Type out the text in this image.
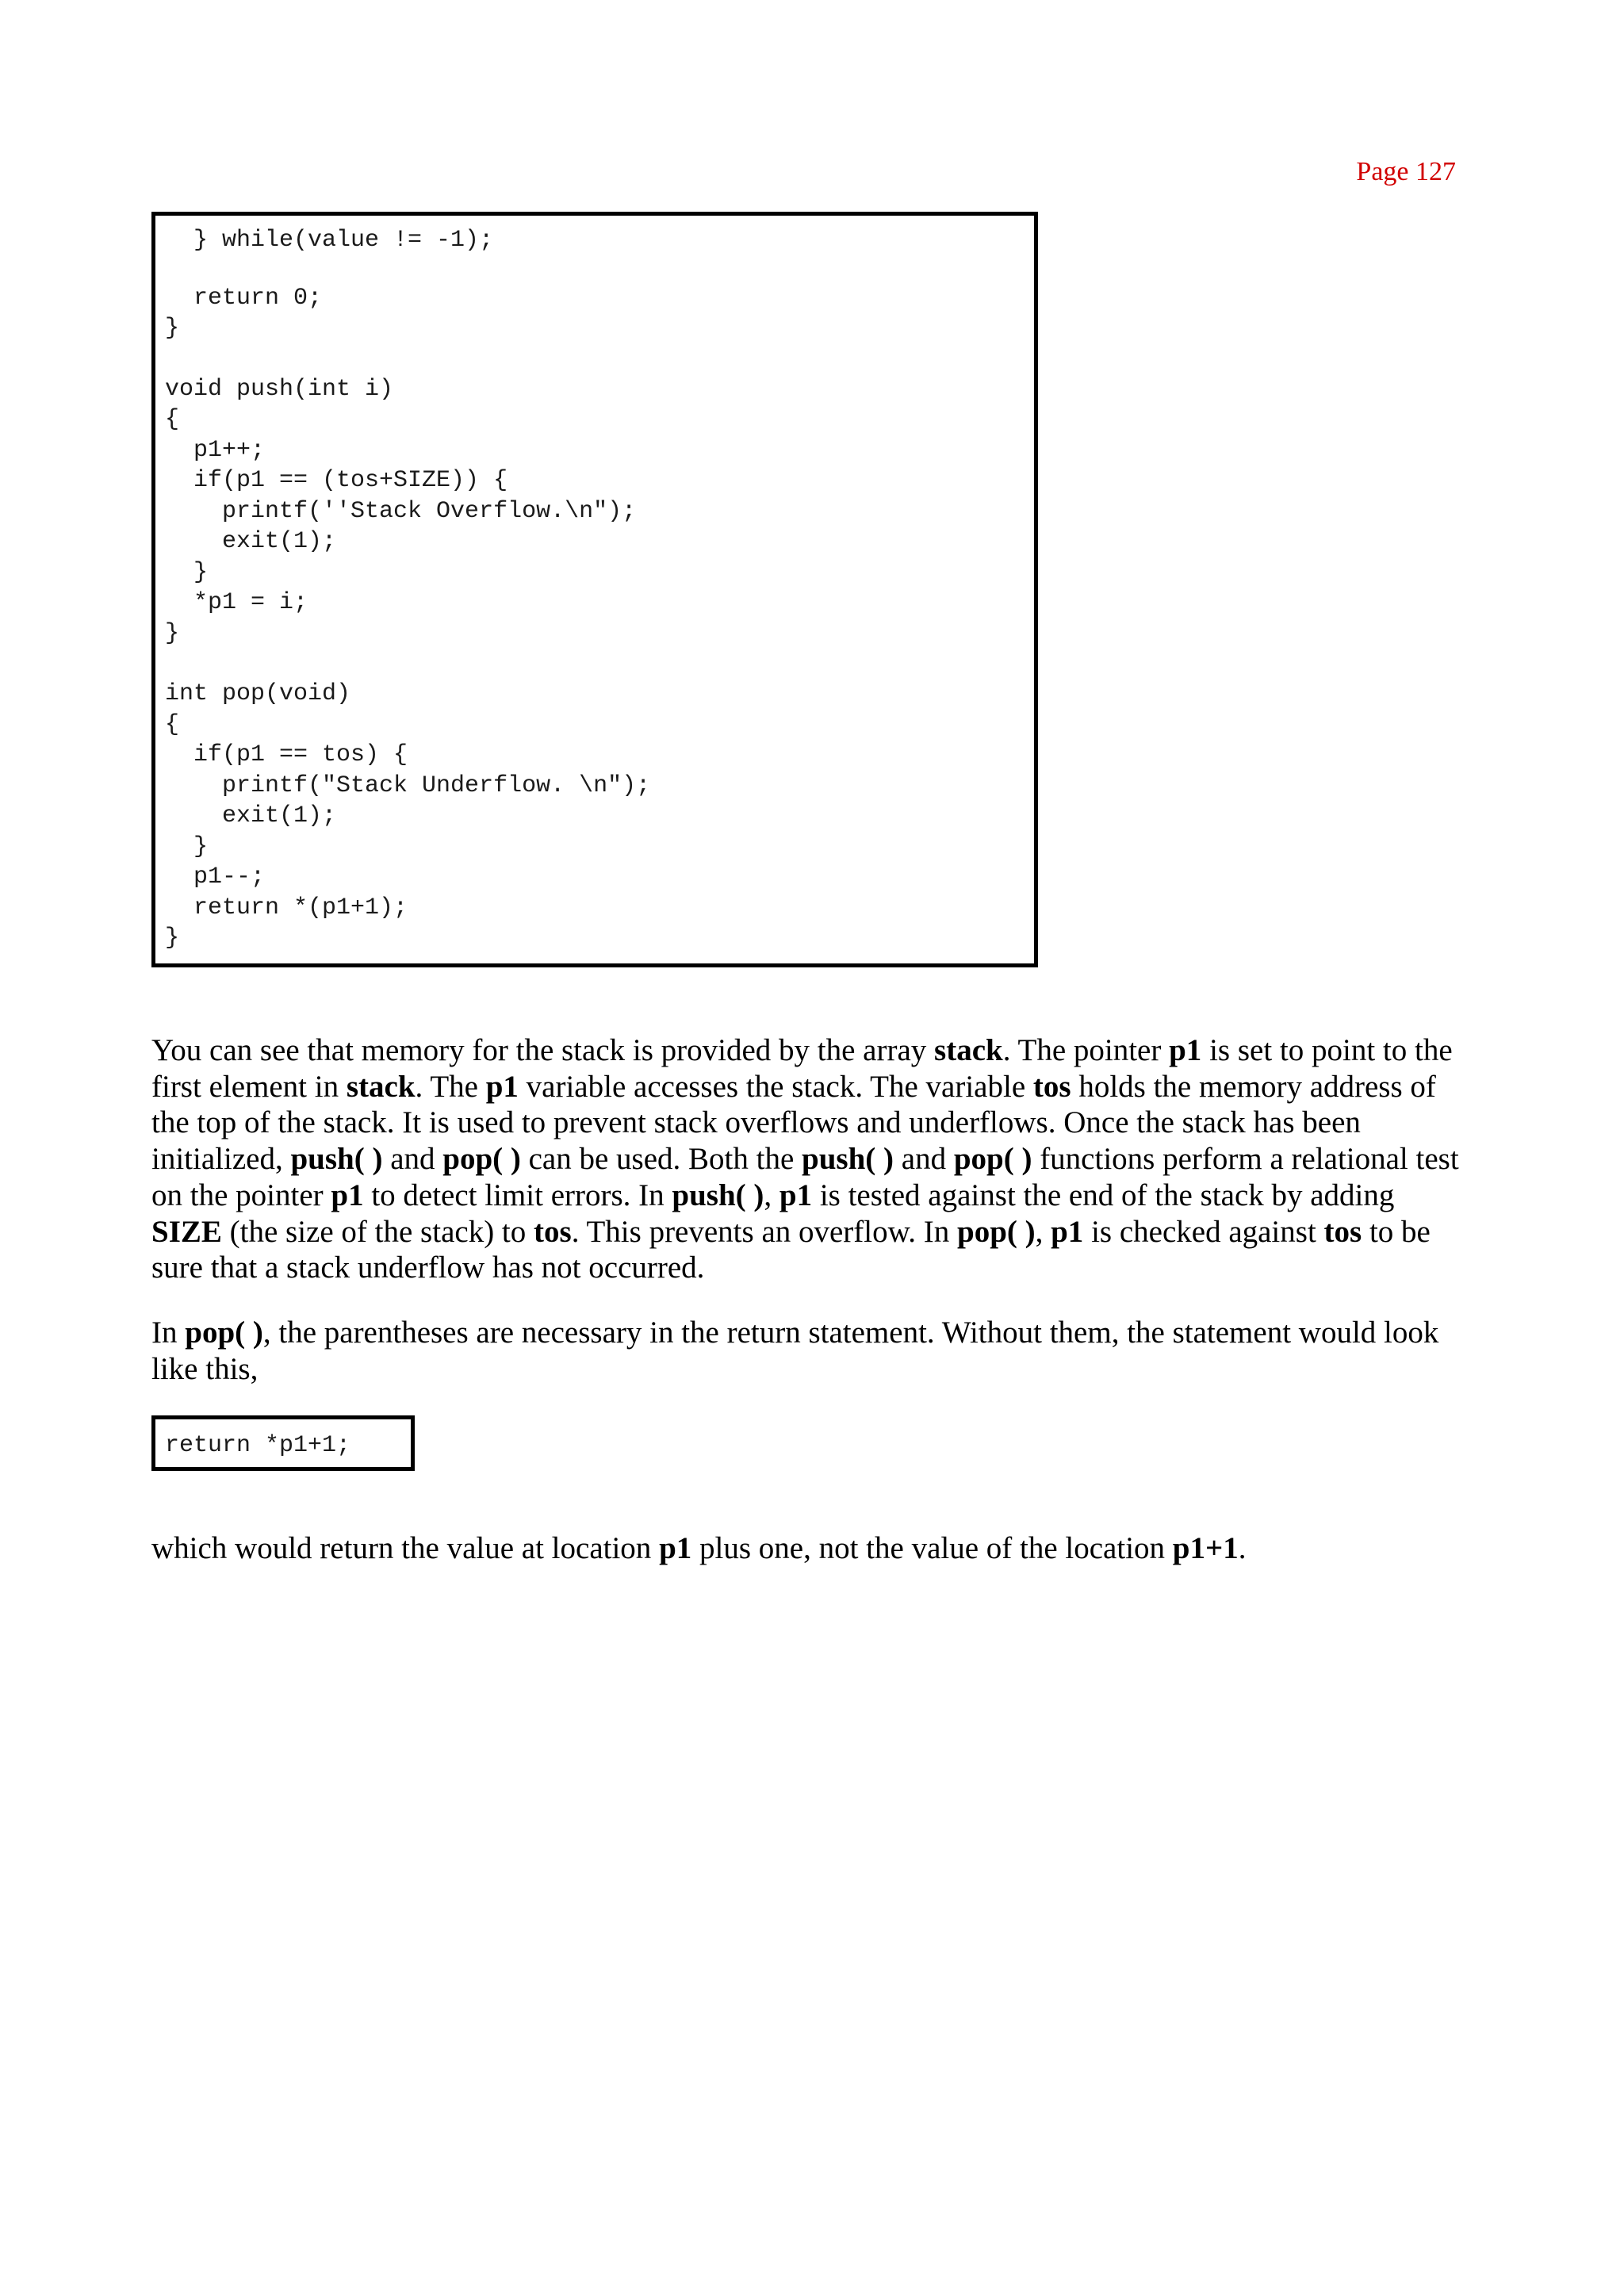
Page 127
} while(value != -1);
return 0;
}
void push(int i)
{
p1++;
if(p1 == (tos+SIZE)) {
printf(''Stack Overflow.\n");
exit(1);
}
*p1 = i;
}
int pop(void)
{
if(p1 == tos) {
printf("Stack Underflow. \n");
exit(1);
}
p1--;
return *(p1+1);
}

You can see that memory for the stack is provided by the array stack. The pointer p1 is set to point to the first element in stack. The p1 variable accesses the stack. The variable tos holds the memory address of the top of the stack. It is used to prevent stack overflows and underflows. Once the stack has been initialized, push( ) and pop( ) can be used. Both the push( ) and pop( ) functions perform a relational test on the pointer p1 to detect limit errors. In push( ), p1 is tested against the end of the stack by adding SIZE (the size of the stack) to tos. This prevents an overflow. In pop( ), p1 is checked against tos to be sure that a stack underflow has not occurred.

In pop( ), the parentheses are necessary in the return statement. Without them, the statement would look like this,

return *p1+1;

which would return the value at location p1 plus one, not the value of the location p1+1.
